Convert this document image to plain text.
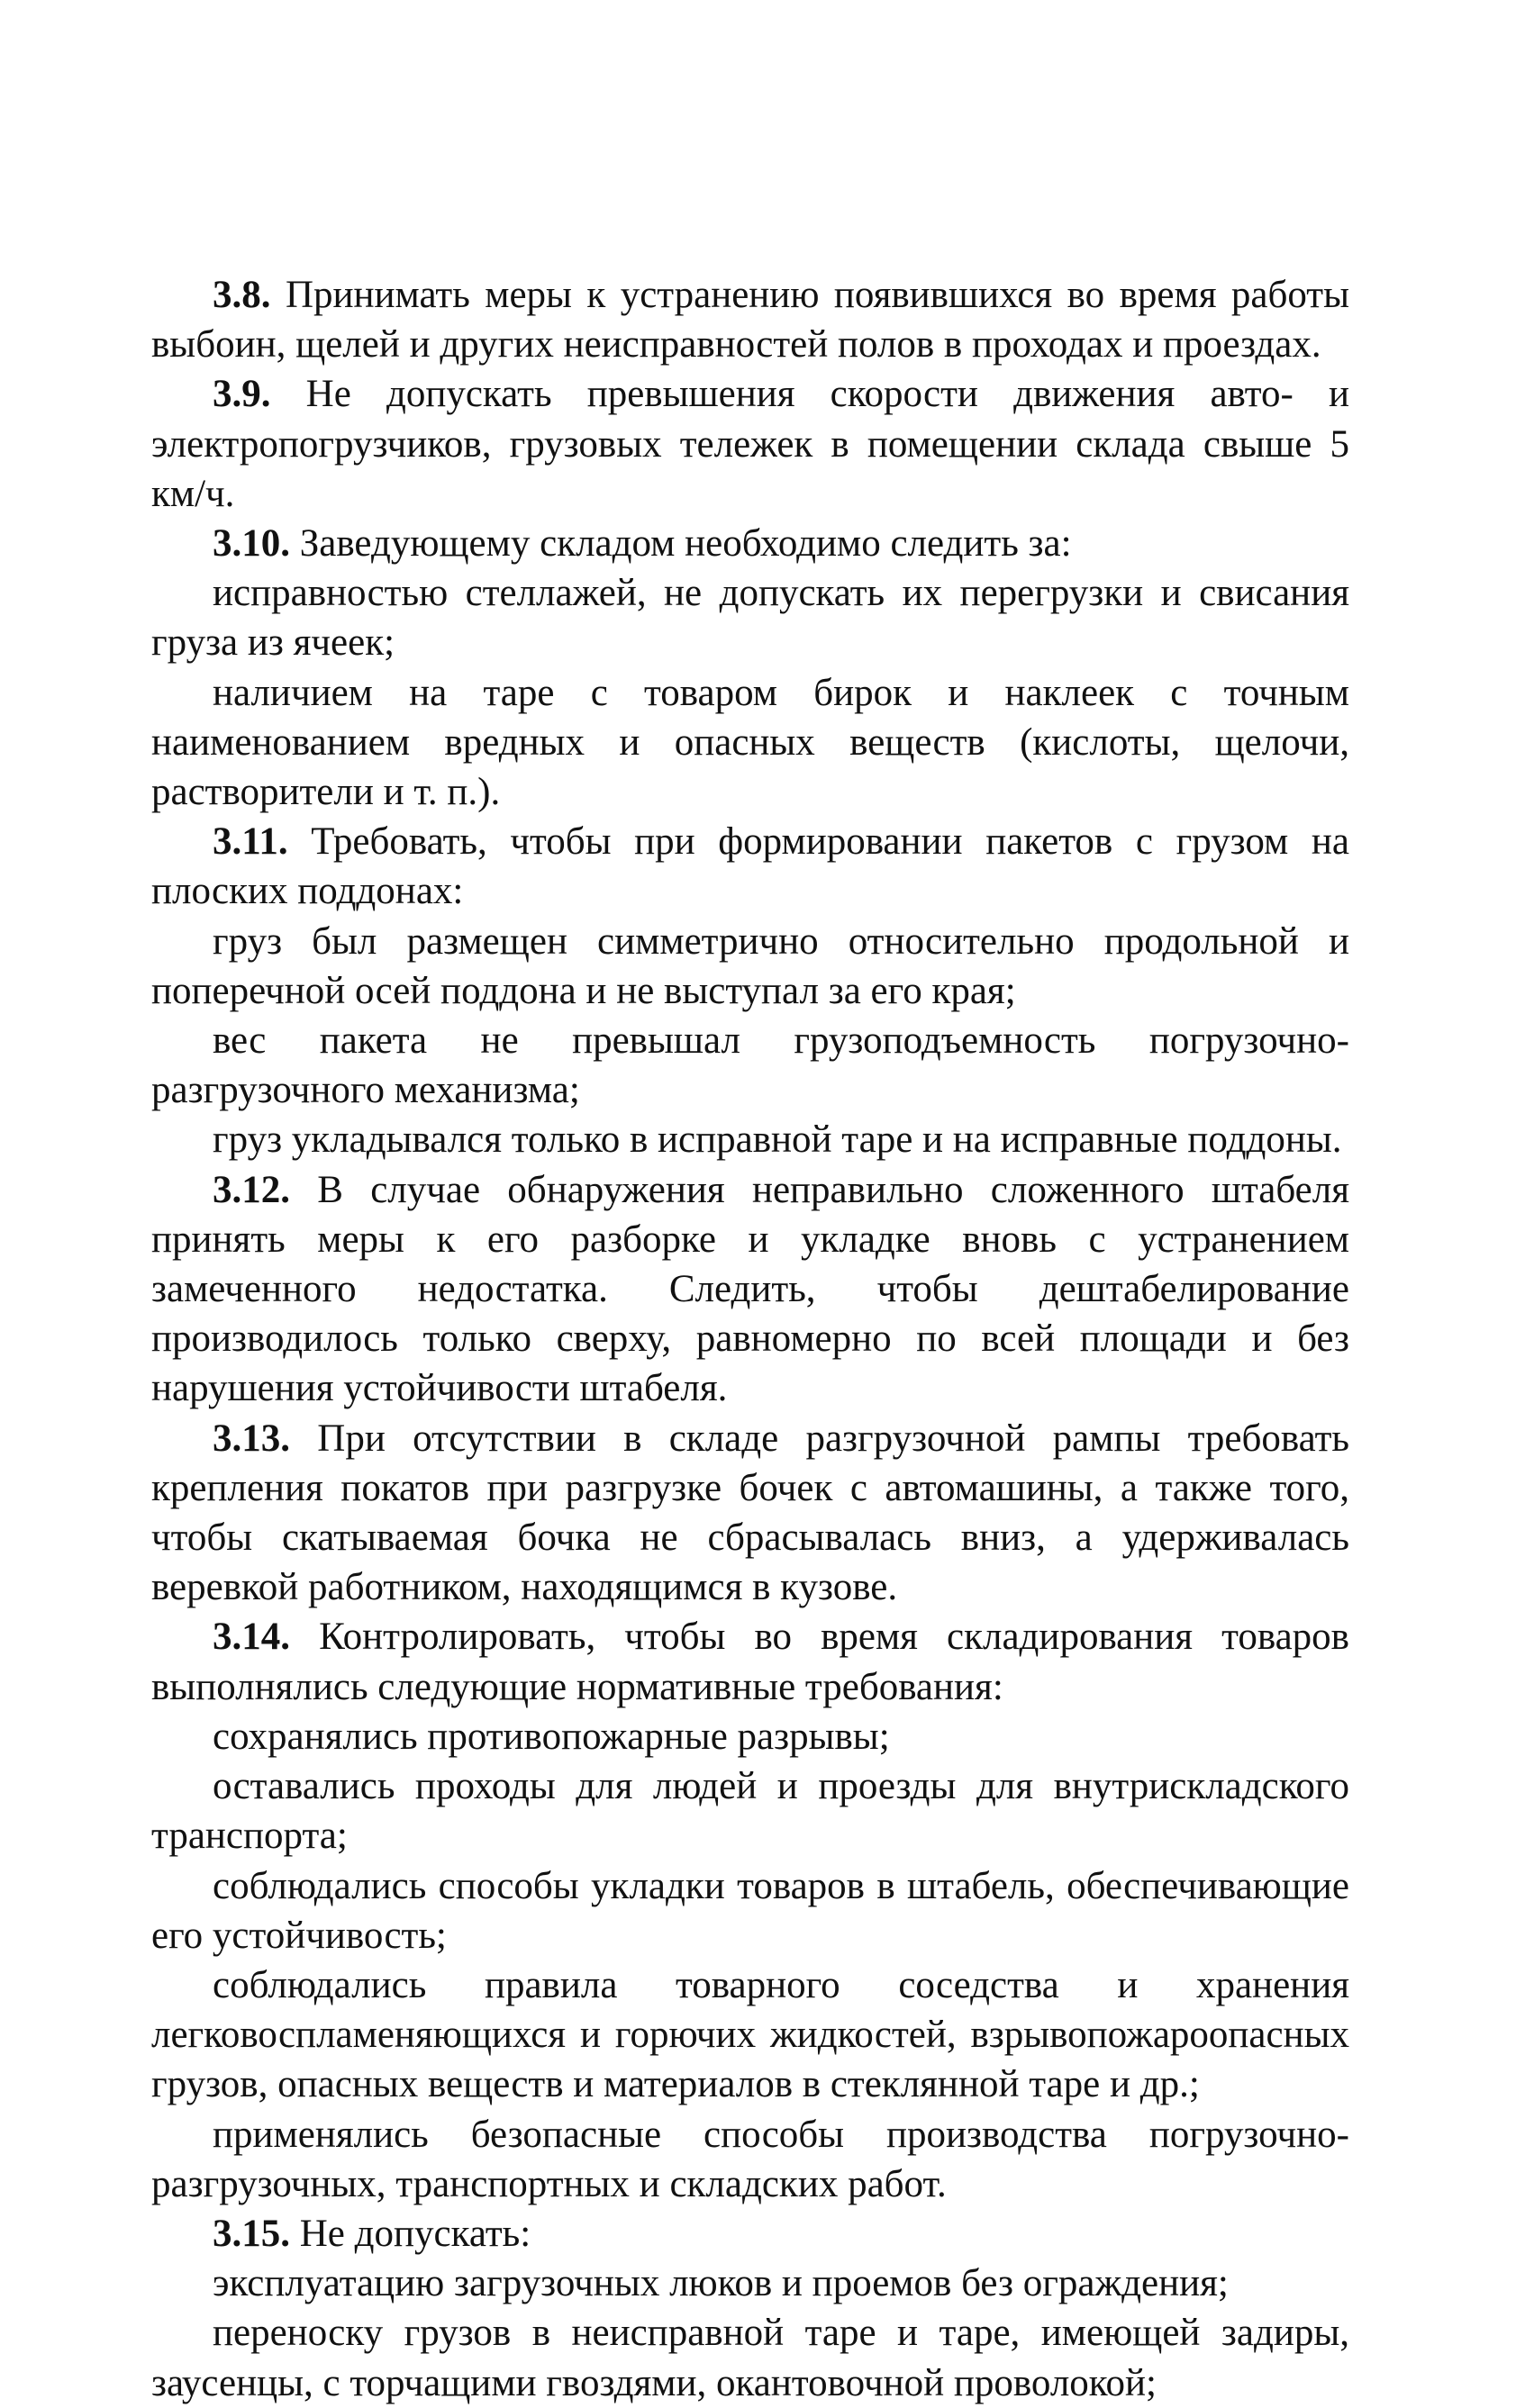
3.8. Принимать меры к устранению появившихся во время работы выбоин, щелей и других неисправностей полов в проходах и проездах.

3.9. Не допускать превышения скорости движения авто- и электропогрузчиков, грузовых тележек в помещении склада свыше 5 км/ч.

3.10. Заведующему складом необходимо следить за:

исправностью стеллажей, не допускать их перегрузки и свисания груза из ячеек;

наличием на таре с товаром бирок и наклеек с точным наименованием вредных и опасных веществ (кислоты, щелочи, растворители и т. п.).

3.11. Требовать, чтобы при формировании пакетов с грузом на плоских поддонах:

груз был размещен симметрично относительно продольной и поперечной осей поддона и не выступал за его края;

вес пакета не превышал грузоподъемность погрузочно-разгрузочного механизма;

груз укладывался только в исправной таре и на исправные поддоны.

3.12. В случае обнаружения неправильно сложенного штабеля принять меры к его разборке и укладке вновь с устранением замеченного недостатка. Следить, чтобы дештабелирование производилось только сверху, равномерно по всей площади и без нарушения устойчивости штабеля.

3.13. При отсутствии в складе разгрузочной рампы требовать крепления покатов при разгрузке бочек с автомашины, а также того, чтобы скатываемая бочка не сбрасывалась вниз, а удерживалась веревкой работником, находящимся в кузове.

3.14. Контролировать, чтобы во время складирования товаров выполнялись следующие нормативные требования:

сохранялись противопожарные разрывы;

оставались проходы для людей и проезды для внутрискладского транспорта;

соблюдались способы укладки товаров в штабель, обеспечивающие его устойчивость;

соблюдались правила товарного соседства и хранения легковоспламеняющихся и горючих жидкостей, взрывопожароопасных грузов, опасных веществ и материалов в стеклянной таре и др.;

применялись безопасные способы производства погрузочно-разгрузочных, транспортных и складских работ.

3.15. Не допускать:

эксплуатацию загрузочных люков и проемов без ограждения;

переноску грузов в неисправной таре и таре, имеющей задиры, заусенцы, с торчащими гвоздями, окантовочной проволокой;
